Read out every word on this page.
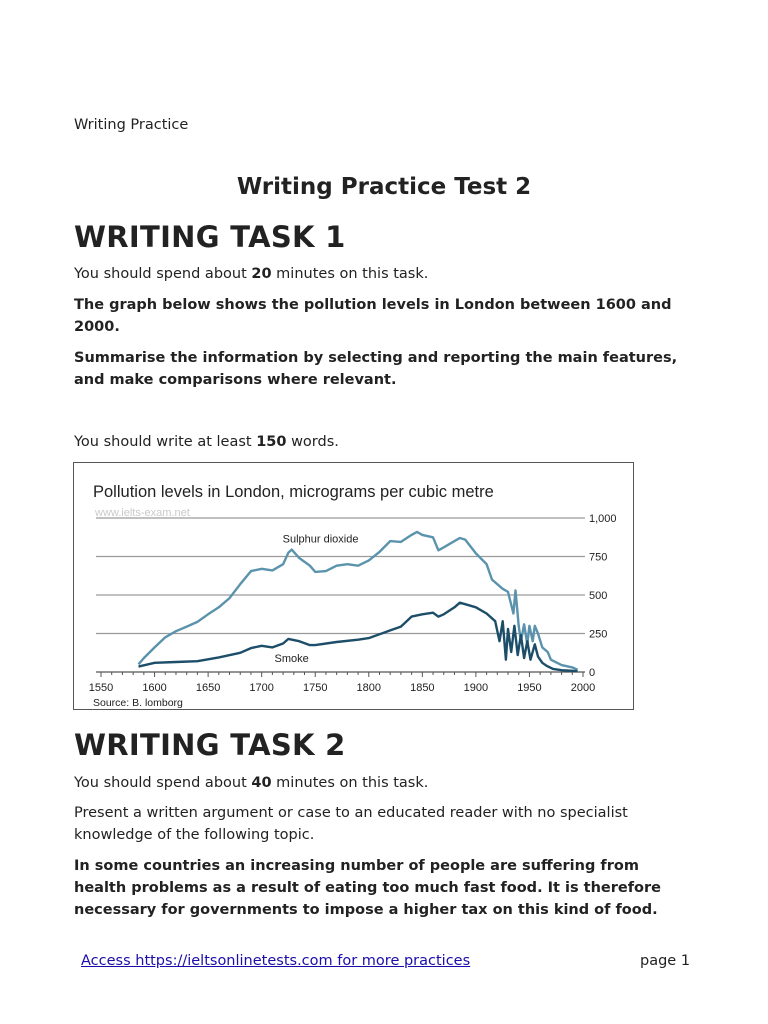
Writing Practice
Writing Practice Test 2
WRITING TASK 1
You should spend about 20 minutes on this task.
The graph below shows the pollution levels in London between 1600 and 2000.
Summarise the information by selecting and reporting the main features, and make comparisons where relevant.
You should write at least 150 words.
Pollution levels in London, micrograms per cubic metre
www.ielts-exam.net	1,000
750
500
250
0
1550	1600	1650	1700	1750	1800	1850	1900	1950	2000
Sulphur dioxide
Smoke
Source: B. lomborg
WRITING TASK 2
You should spend about 40 minutes on this task.
Present a written argument or case to an educated reader with no specialist knowledge of the following topic.
In some countries an increasing number of people are suffering from health problems as a result of eating too much fast food. It is therefore necessary for governments to impose a higher tax on this kind of food.
Access https://ieltsonlinetests.com for more practices	page 1
